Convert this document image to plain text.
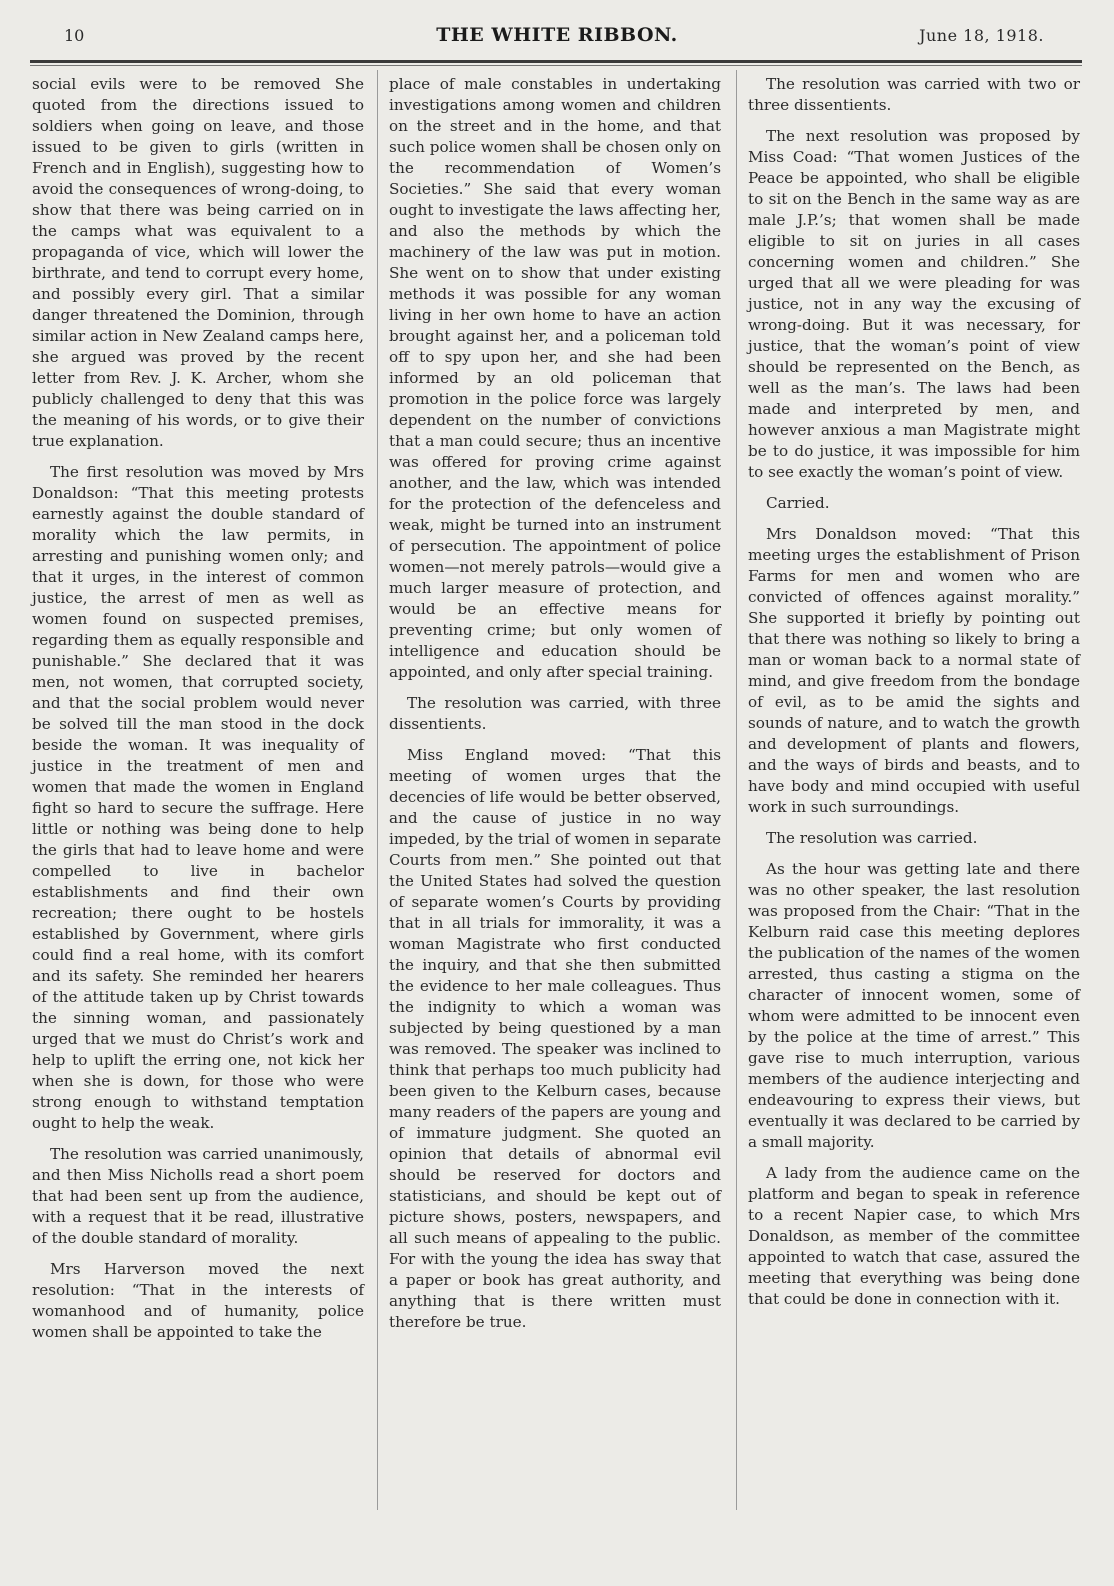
10	THE WHITE RIBBON.	June 18, 1918.

social evils were to be removed She quoted from the directions issued to soldiers when going on leave, and those issued to be given to girls (written in French and in English), suggesting how to avoid the consequences of wrong-doing, to show that there was being carried on in the camps what was equivalent to a propaganda of vice, which will lower the birthrate, and tend to corrupt every home, and possibly every girl. That a similar danger threatened the Dominion, through similar action in New Zealand camps here, she argued was proved by the recent letter from Rev. J. K. Archer, whom she publicly challenged to deny that this was the meaning of his words, or to give their true explanation.

The first resolution was moved by Mrs Donaldson: “That this meeting protests earnestly against the double standard of morality which the law permits, in arresting and punishing women only; and that it urges, in the interest of common justice, the arrest of men as well as women found on suspected premises, regarding them as equally responsible and punishable.” She declared that it was men, not women, that corrupted society, and that the social problem would never be solved till the man stood in the dock beside the woman. It was inequality of justice in the treatment of men and women that made the women in England fight so hard to secure the suffrage. Here little or nothing was being done to help the girls that had to leave home and were compelled to live in bachelor establishments and find their own recreation; there ought to be hostels established by Government, where girls could find a real home, with its comfort and its safety. She reminded her hearers of the attitude taken up by Christ towards the sinning woman, and passionately urged that we must do Christ’s work and help to uplift the erring one, not kick her when she is down, for those who were strong enough to withstand temptation ought to help the weak.

The resolution was carried unanimously, and then Miss Nicholls read a short poem that had been sent up from the audience, with a request that it be read, illustrative of the double standard of morality.

Mrs Harverson moved the next resolution: “That in the interests of womanhood and of humanity, police women shall be appointed to take the

place of male constables in undertaking investigations among women and children on the street and in the home, and that such police women shall be chosen only on the recommendation of Women’s Societies.” She said that every woman ought to investigate the laws affecting her, and also the methods by which the machinery of the law was put in motion. She went on to show that under existing methods it was possible for any woman living in her own home to have an action brought against her, and a policeman told off to spy upon her, and she had been informed by an old policeman that promotion in the police force was largely dependent on the number of convictions that a man could secure; thus an incentive was offered for proving crime against another, and the law, which was intended for the protection of the defenceless and weak, might be turned into an instrument of persecution. The appointment of police women—not merely patrols—would give a much larger measure of protection, and would be an effective means for preventing crime; but only women of intelligence and education should be appointed, and only after special training.

The resolution was carried, with three dissentients.

Miss England moved: “That this meeting of women urges that the decencies of life would be better observed, and the cause of justice in no way impeded, by the trial of women in separate Courts from men.” She pointed out that the United States had solved the question of separate women’s Courts by providing that in all trials for immorality, it was a woman Magistrate who first conducted the inquiry, and that she then submitted the evidence to her male colleagues. Thus the indignity to which a woman was subjected by being questioned by a man was removed. The speaker was inclined to think that perhaps too much publicity had been given to the Kelburn cases, because many readers of the papers are young and of immature judgment. She quoted an opinion that details of abnormal evil should be reserved for doctors and statisticians, and should be kept out of picture shows, posters, newspapers, and all such means of appealing to the public. For with the young the idea has sway that a paper or book has great authority, and anything that is there written must therefore be true.

The resolution was carried with two or three dissentients.

The next resolution was proposed by Miss Coad: “That women Justices of the Peace be appointed, who shall be eligible to sit on the Bench in the same way as are male J.P.’s; that women shall be made eligible to sit on juries in all cases concerning women and children.” She urged that all we were pleading for was justice, not in any way the excusing of wrong-doing. But it was necessary, for justice, that the woman’s point of view should be represented on the Bench, as well as the man’s. The laws had been made and interpreted by men, and however anxious a man Magistrate might be to do justice, it was impossible for him to see exactly the woman’s point of view.

Carried.

Mrs Donaldson moved: “That this meeting urges the establishment of Prison Farms for men and women who are convicted of offences against morality.” She supported it briefly by pointing out that there was nothing so likely to bring a man or woman back to a normal state of mind, and give freedom from the bondage of evil, as to be amid the sights and sounds of nature, and to watch the growth and development of plants and flowers, and the ways of birds and beasts, and to have body and mind occupied with useful work in such surroundings.

The resolution was carried.

As the hour was getting late and there was no other speaker, the last resolution was proposed from the Chair: “That in the Kelburn raid case this meeting deplores the publication of the names of the women arrested, thus casting a stigma on the character of innocent women, some of whom were admitted to be innocent even by the police at the time of arrest.” This gave rise to much interruption, various members of the audience interjecting and endeavouring to express their views, but eventually it was declared to be carried by a small majority.

A lady from the audience came on the platform and began to speak in reference to a recent Napier case, to which Mrs Donaldson, as member of the committee appointed to watch that case, assured the meeting that everything was being done that could be done in connection with it.
